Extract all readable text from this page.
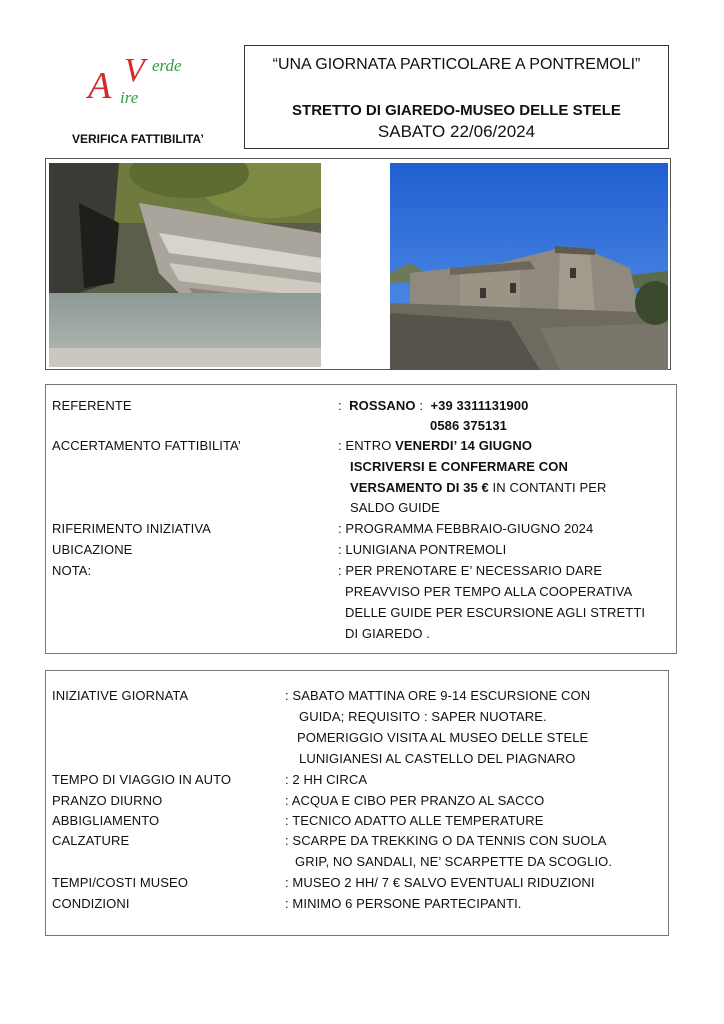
A V erde
ire
VERIFICA FATTIBILITA’
“UNA GIORNATA PARTICOLARE A PONTREMOLI”
STRETTO DI GIAREDO-MUSEO DELLE STELE
SABATO 22/06/2024
REFERENTE	: ROSSANO : +39 3311131900
0586 375131
ACCERTAMENTO FATTIBILITA’	: ENTRO VENERDI’ 14 GIUGNO
ISCRIVERSI E CONFERMARE CON
VERSAMENTO DI 35 € IN CONTANTI PER
SALDO GUIDE
RIFERIMENTO INIZIATIVA	: PROGRAMMA FEBBRAIO-GIUGNO 2024
UBICAZIONE	: LUNIGIANA PONTREMOLI
NOTA:	: PER PRENOTARE E’ NECESSARIO DARE
PREAVVISO PER TEMPO ALLA COOPERATIVA
DELLE GUIDE PER ESCURSIONE AGLI STRETTI
DI GIAREDO .
INIZIATIVE GIORNATA	: SABATO MATTINA ORE 9-14 ESCURSIONE CON
GUIDA; REQUISITO : SAPER NUOTARE.
POMERIGGIO VISITA AL MUSEO DELLE STELE
LUNIGIANESI AL CASTELLO DEL PIAGNARO
TEMPO DI VIAGGIO IN AUTO	: 2 HH CIRCA
PRANZO DIURNO	: ACQUA E CIBO PER PRANZO AL SACCO
ABBIGLIAMENTO	: TECNICO ADATTO ALLE TEMPERATURE
CALZATURE	: SCARPE DA TREKKING O DA TENNIS CON SUOLA
GRIP, NO SANDALI, NE’ SCARPETTE DA SCOGLIO.
TEMPI/COSTI MUSEO	: MUSEO 2 HH/ 7 € SALVO EVENTUALI RIDUZIONI
CONDIZIONI	: MINIMO 6 PERSONE PARTECIPANTI.
